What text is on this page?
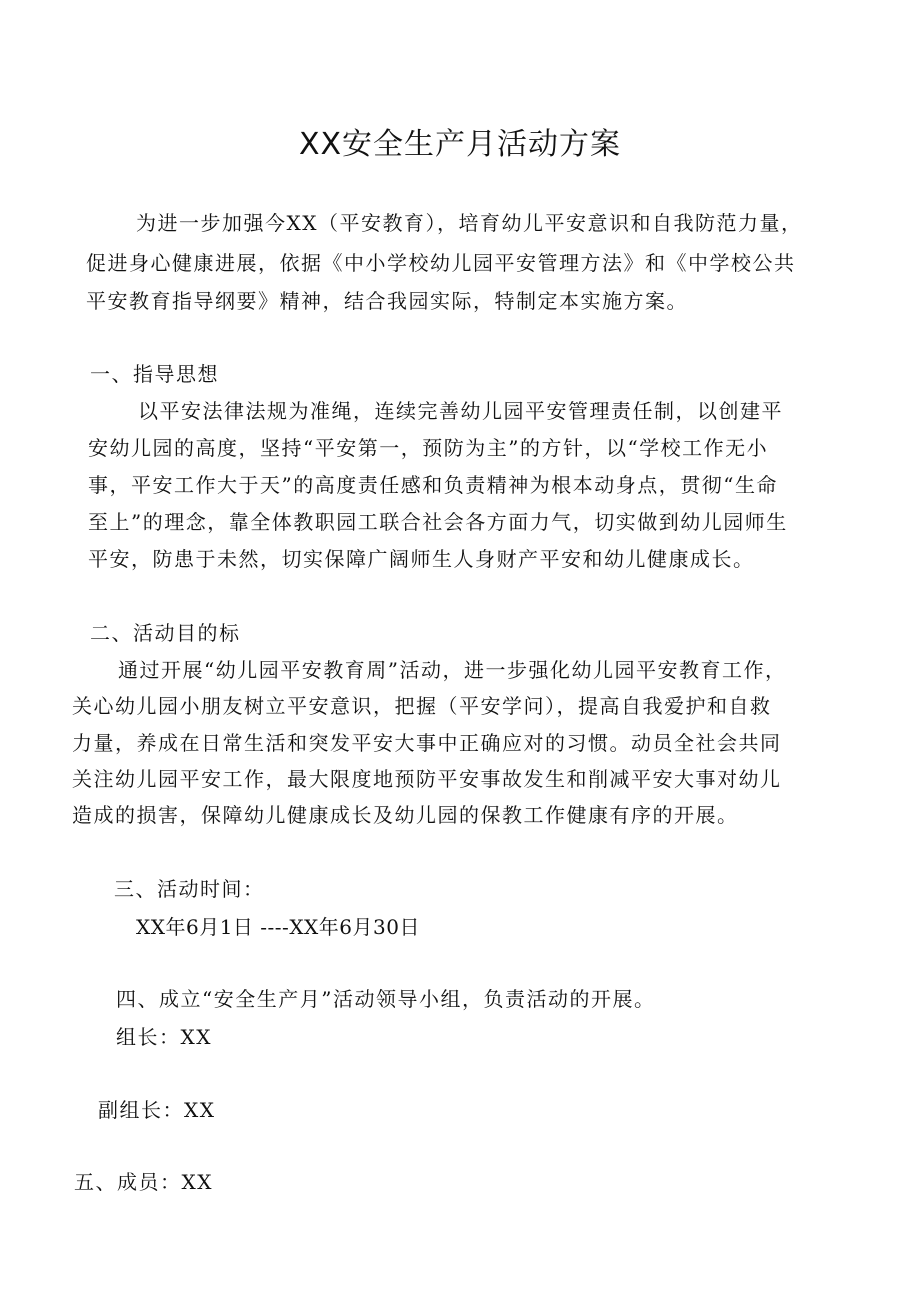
XX安全生产月活动方案
为进一步加强今XX（平安教育），培育幼儿平安意识和自我防范力量，
促进身心健康进展，依据《中小学校幼儿园平安管理方法》和《中学校公共
平安教育指导纲要》精神，结合我园实际，特制定本实施方案。
一、指导思想
以平安法律法规为准绳，连续完善幼儿园平安管理责任制，以创建平
安幼儿园的高度，坚持“平安第一，预防为主”的方针，以“学校工作无小
事，平安工作大于天”的高度责任感和负责精神为根本动身点，贯彻“生命
至上”的理念，靠全体教职园工联合社会各方面力气，切实做到幼儿园师生
平安，防患于未然，切实保障广阔师生人身财产平安和幼儿健康成长。
二、活动目的标
通过开展“幼儿园平安教育周”活动，进一步强化幼儿园平安教育工作，
关心幼儿园小朋友树立平安意识，把握（平安学问），提高自我爱护和自救
力量，养成在日常生活和突发平安大事中正确应对的习惯。动员全社会共同
关注幼儿园平安工作，最大限度地预防平安事故发生和削减平安大事对幼儿
造成的损害，保障幼儿健康成长及幼儿园的保教工作健康有序的开展。
三、活动时间：
XX年6月1日 ----XX年6月30日
四、成立“安全生产月”活动领导小组，负责活动的开展。
组长：XX
副组长：XX
五、成员：XX
